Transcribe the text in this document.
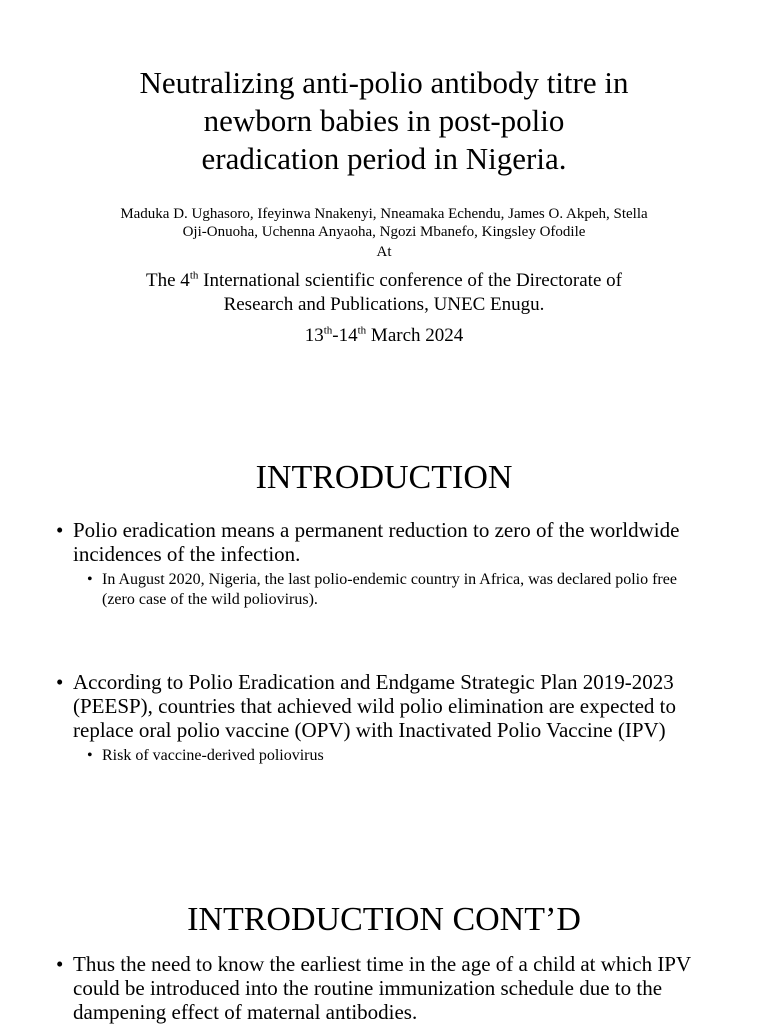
Neutralizing anti-polio antibody titre in
newborn babies in post-polio
eradication period in Nigeria.

Maduka D. Ughasoro, Ifeyinwa Nnakenyi, Nneamaka Echendu, James O. Akpeh, Stella Oji-Onuoha, Uchenna Anyaoha, Ngozi Mbanefo, Kingsley Ofodile

At

The 4th International scientific conference of the Directorate of
Research and Publications, UNEC Enugu.
13th-14th March 2024
INTRODUCTION
• Polio eradication means a permanent reduction to zero of the worldwide incidences of the infection.
• In August 2020, Nigeria, the last polio-endemic country in Africa, was declared polio free (zero case of the wild poliovirus).
• According to Polio Eradication and Endgame Strategic Plan 2019-2023 (PEESP), countries that achieved wild polio elimination are expected to replace oral polio vaccine (OPV) with Inactivated Polio Vaccine (IPV)
• Risk of vaccine-derived poliovirus
INTRODUCTION CONT’D
• Thus the need to know the earliest time in the age of a child at which IPV could be introduced into the routine immunization schedule due to the dampening effect of maternal antibodies.
